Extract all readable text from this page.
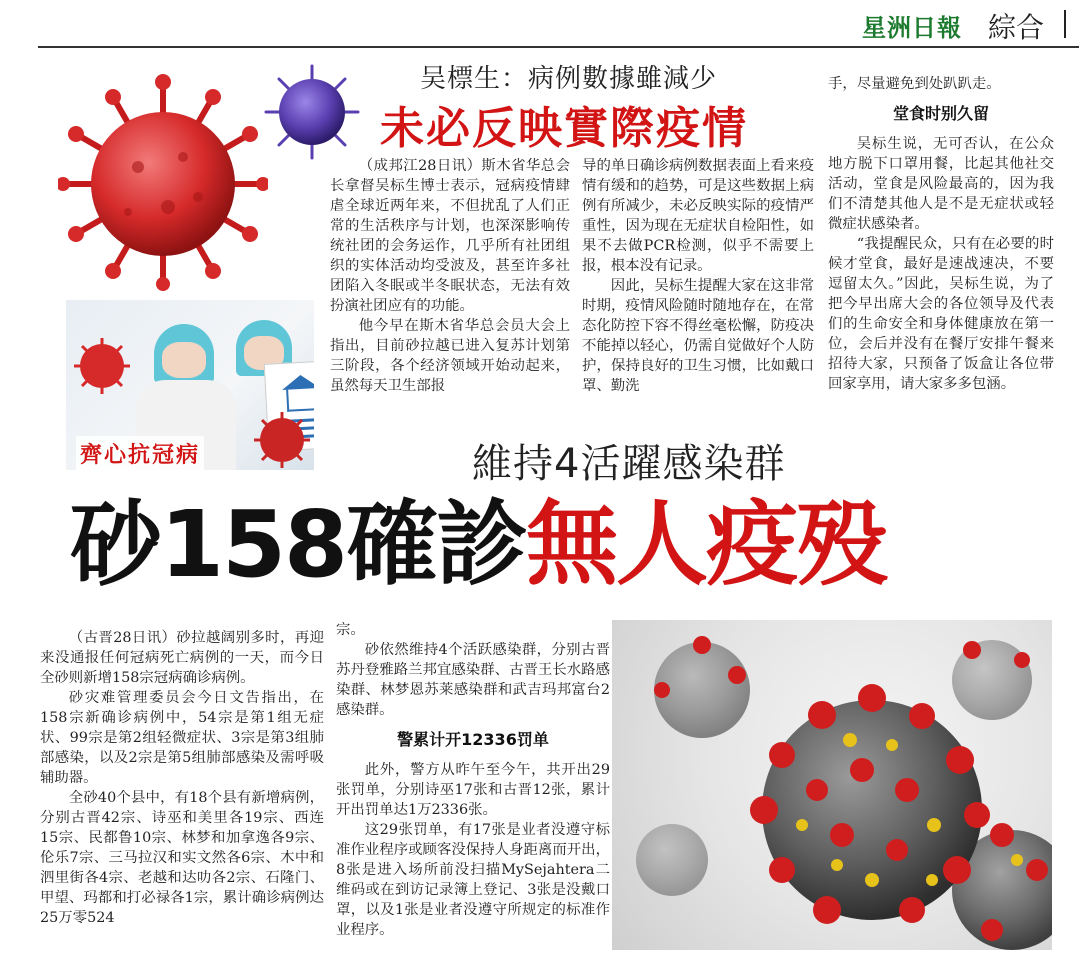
星洲日報 綜合
吴標生：病例數據雖減少
未必反映實際疫情

（成邦江28日讯）斯木省华总会长拿督吴标生博士表示，冠病疫情肆虐全球近两年来，不但扰乱了人们正常的生活秩序与计划，也深深影响传统社团的会务运作，几乎所有社团组织的实体活动均受波及，甚至许多社团陷入冬眠或半冬眠状态，无法有效扮演社团应有的功能。

他今早在斯木省华总会员大会上指出，目前砂拉越已进入复苏计划第三阶段，各个经济领域开始动起来，虽然每天卫生部报

导的单日确诊病例数据表面上看来疫情有缓和的趋势，可是这些数据上病例有所减少，未必反映实际的疫情严重性，因为现在无症状自检阳性，如果不去做PCR检测，似乎不需要上报，根本没有记录。

因此，吴标生提醒大家在这非常时期，疫情风险随时随地存在，在常态化防控下容不得丝毫松懈，防疫决不能掉以轻心，仍需自觉做好个人防护，保持良好的卫生习惯，比如戴口罩、勤洗

手，尽量避免到处趴趴走。

堂食时别久留

吴标生说，无可否认，在公众地方脱下口罩用餐，比起其他社交活动，堂食是风险最高的，因为我们不清楚其他人是不是无症状或轻微症状感染者。

“我提醒民众，只有在必要的时候才堂食，最好是速战速决，不要逗留太久。”因此，吴标生说，为了把今早出席大会的各位领导及代表们的生命安全和身体健康放在第一位，会后并没有在餐厅安排午餐来招待大家，只预备了饭盒让各位带回家享用，请大家多多包涵。

齊心抗冠病	維持4活躍感染群
砂158確診無人疫殁

（古晋28日讯）砂拉越阔别多时，再迎来没通报任何冠病死亡病例的一天，而今日全砂则新增158宗冠病确诊病例。

砂灾难管理委员会今日文告指出，在158宗新确诊病例中，54宗是第1组无症状、99宗是第2组轻微症状、3宗是第3组肺部感染，以及2宗是第5组肺部感染及需呼吸辅助器。

全砂40个县中，有18个县有新增病例，分别古晋42宗、诗巫和美里各19宗、西连15宗、民都鲁10宗、林梦和加拿逸各9宗、伦乐7宗、三马拉汉和实文然各6宗、木中和泗里街各4宗、老越和达叻各2宗、石隆门、甲望、玛都和打必禄各1宗，累计确诊病例达25万零524

宗。

砂依然维持4个活跃感染群，分别古晋苏丹登雅路兰邦宜感染群、古晋王长水路感染群、林梦恩苏莱感染群和武吉玛邦富台2感染群。

警累计开12336罚单

此外，警方从昨午至今午，共开出29张罚单，分别诗巫17张和古晋12张，累计开出罚单达1万2336张。

这29张罚单，有17张是业者没遵守标准作业程序或顾客没保持人身距离而开出，8张是进入场所前没扫描MySejahtera二维码或在到访记录簿上登记、3张是没戴口罩，以及1张是业者没遵守所规定的标准作业程序。
